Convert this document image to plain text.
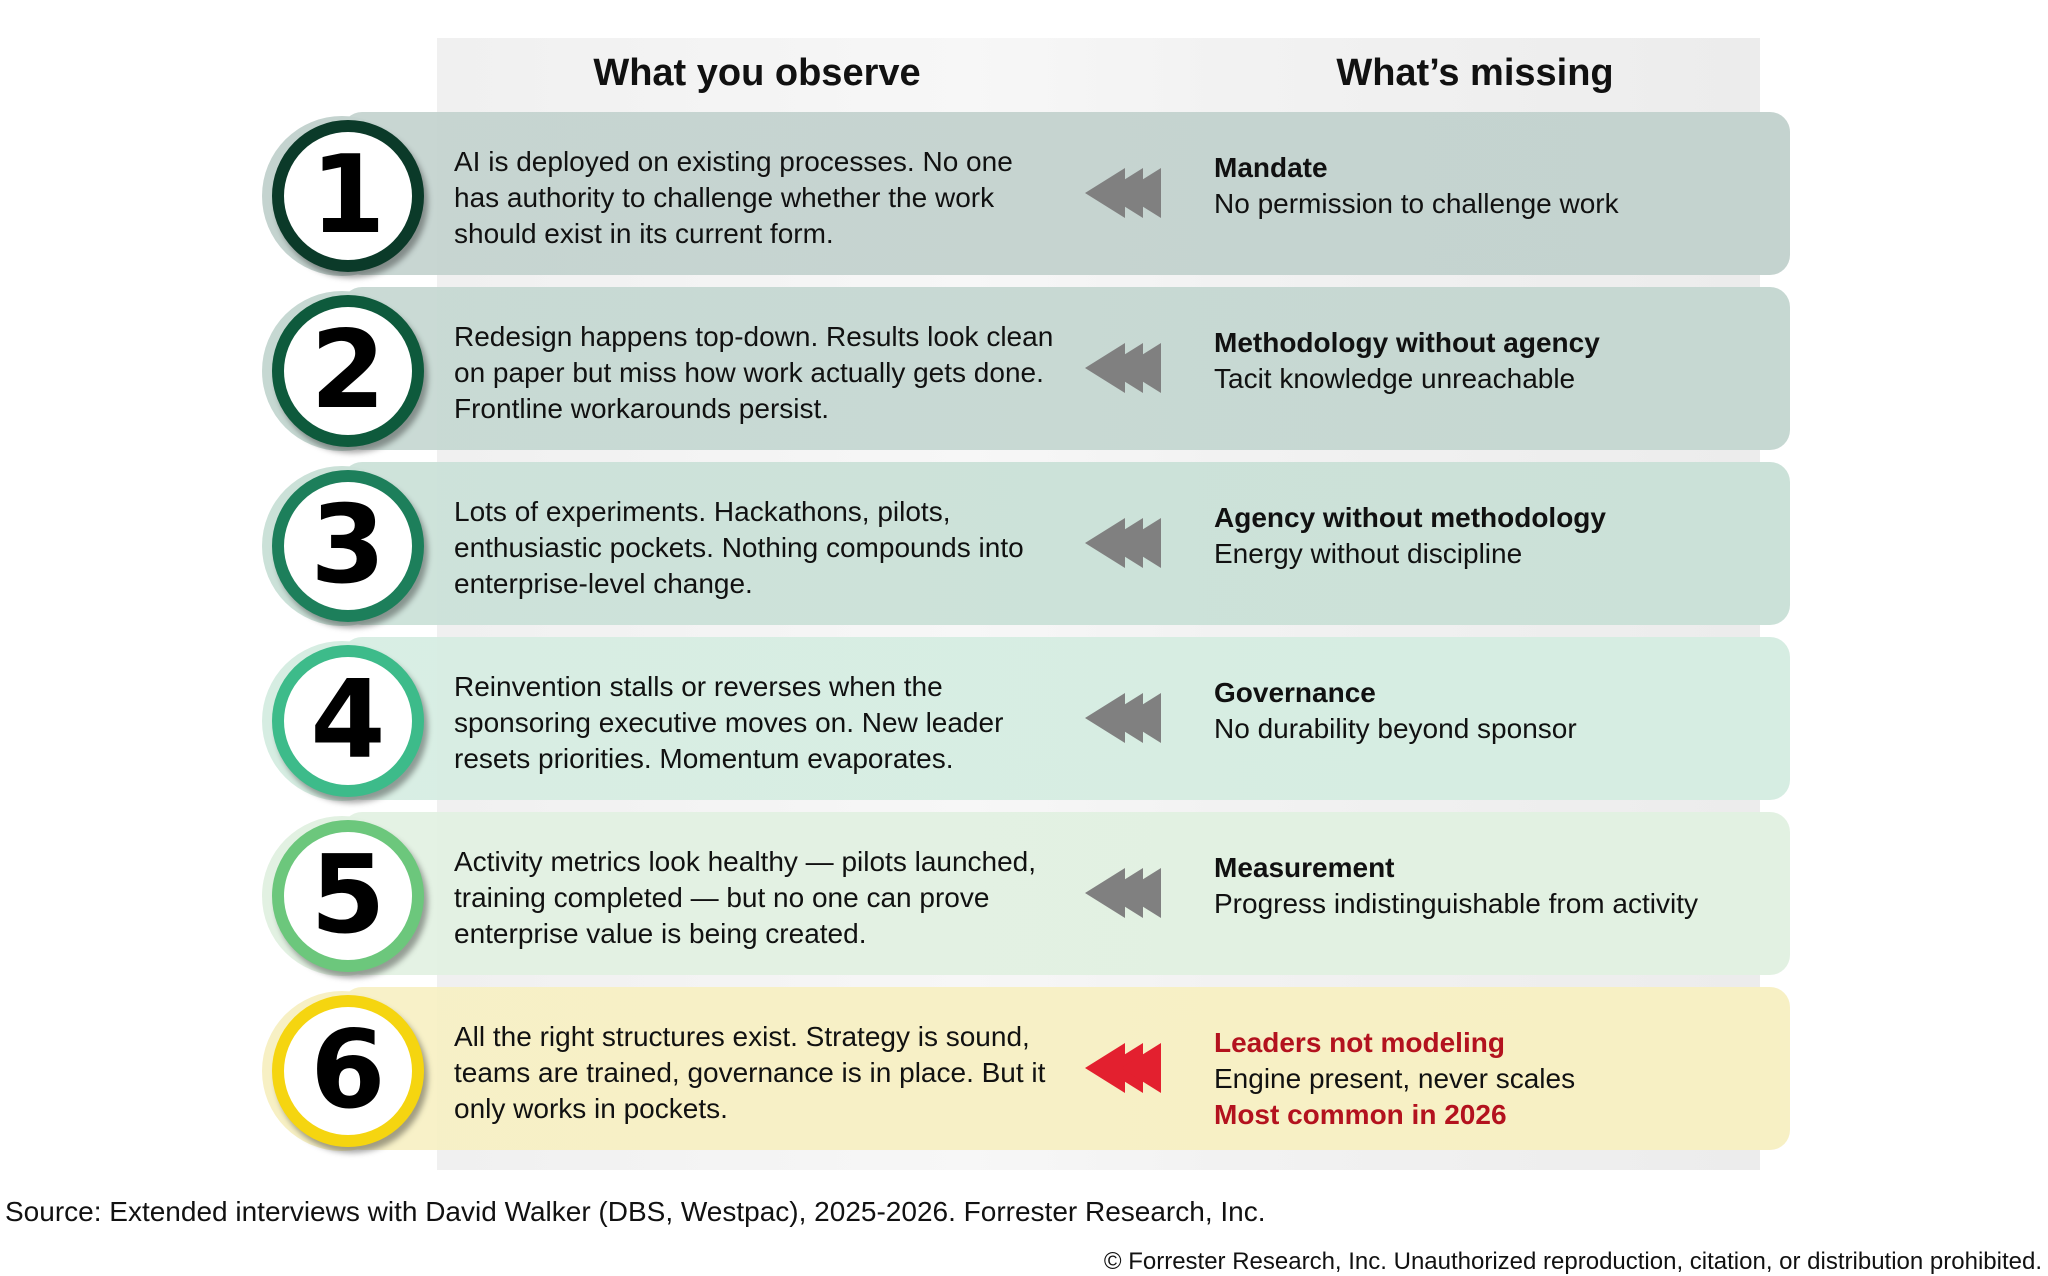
What you observe	What’s missing
1 AI is deployed on existing processes. No one has authority to challenge whether the work should exist in its current form.
Mandate
No permission to challenge work
2 Redesign happens top-down. Results look clean on paper but miss how work actually gets done. Frontline workarounds persist.
Methodology without agency
Tacit knowledge unreachable
3 Lots of experiments. Hackathons, pilots, enthusiastic pockets. Nothing compounds into enterprise-level change.
Agency without methodology
Energy without discipline
4 Reinvention stalls or reverses when the sponsoring executive moves on. New leader resets priorities. Momentum evaporates.
Governance
No durability beyond sponsor
5 Activity metrics look healthy — pilots launched, training completed — but no one can prove enterprise value is being created.
Measurement
Progress indistinguishable from activity
6 All the right structures exist. Strategy is sound, teams are trained, governance is in place. But it only works in pockets.
Leaders not modeling
Engine present, never scales
Most common in 2026
Source: Extended interviews with David Walker (DBS, Westpac), 2025-2026. Forrester Research, Inc.
© Forrester Research, Inc. Unauthorized reproduction, citation, or distribution prohibited.
